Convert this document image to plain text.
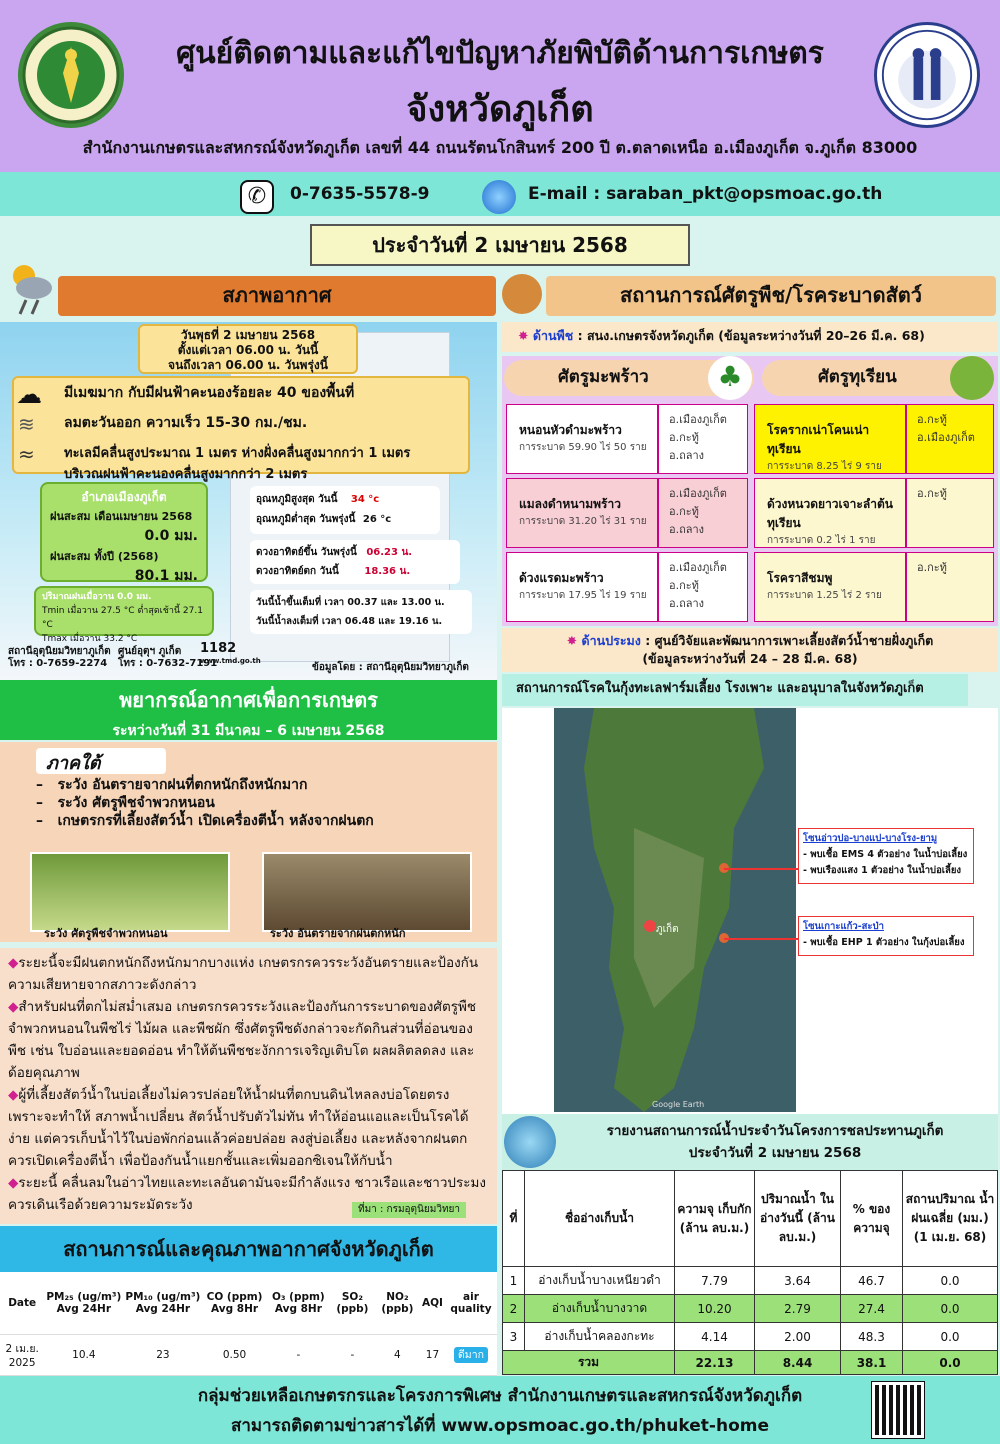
ศูนย์ติดตามและแก้ไขปัญหาภัยพิบัติด้านการเกษตร
จังหวัดภูเก็ต
สำนักงานเกษตรและสหกรณ์จังหวัดภูเก็ต เลขที่ 44 ถนนรัตนโกสินทร์ 200 ปี ต.ตลาดเหนือ อ.เมืองภูเก็ต จ.ภูเก็ต 83000
✆	0-7635-5578-9	E-mail : saraban_pkt@opsmoac.go.th
ประจำวันที่ 2 เมษายน 2568
สภาพอากาศ
วันพุธที่ 2 เมษายน 2568
ตั้งแต่เวลา 06.00 น. วันนี้
จนถึงเวลา 06.00 น. วันพรุ่งนี้
มีเมฆมาก กับมีฝนฟ้าคะนองร้อยละ 40 ของพื้นที่
ลมตะวันออก ความเร็ว 15-30 กม./ชม.
ทะเลมีคลื่นสูงประมาณ 1 เมตร ห่างฝั่งคลื่นสูงมากกว่า 1 เมตร
บริเวณฝนฟ้าคะนองคลื่นสูงมากกว่า 2 เมตร
☁
≋
≈
อำเภอเมืองภูเก็ต
ฝนสะสม เดือนเมษายน 2568
0.0 มม.
ฝนสะสม ทั้งปี (2568)
80.1 มม.
อุณหภูมิสูงสุด วันนี้ 34 °c
อุณหภูมิต่ำสุด วันพรุ่งนี้ 26 °c
ดวงอาทิตย์ขึ้น วันพรุ่งนี้ 06.23 น.
ดวงอาทิตย์ตก วันนี้	18.36 น.
วันนี้น้ำขึ้นเต็มที่ เวลา 00.37 และ 13.00 น.
วันนี้น้ำลงเต็มที่ เวลา 06.48 และ 19.16 น.
ปริมาณฝนเมื่อวาน 0.0 มม.
Tmin เมื่อวาน 27.5 °C ต่ำสุดเช้านี้ 27.1 °C
Tmax เมื่อวาน 33.2 °C
สถานีอุตุนิยมวิทยาภูเก็ต
โทร : 0-7659-2274
ศูนย์อุตุฯ ภูเก็ต
โทร : 0-7632-7191
1182
www.tmd.go.th
ข้อมูลโดย : สถานีอุตุนิยมวิทยาภูเก็ต
พยากรณ์อากาศเพื่อการเกษตร
ระหว่างวันที่ 31 มีนาคม – 6 เมษายน 2568
ภาคใต้
–   ระวัง อันตรายจากฝนที่ตกหนักถึงหนักมาก
–   ระวัง ศัตรูพืชจำพวกหนอน
–   เกษตรกรที่เลี้ยงสัตว์น้ำ เปิดเครื่องตีน้ำ หลังจากฝนตก
ระวัง ศัตรูพืชจำพวกหนอน	ระวัง อันตรายจากฝนตกหนัก
◆ระยะนี้จะมีฝนตกหนักถึงหนักมากบางแห่ง เกษตรกรควรระวังอันตรายและป้องกันความเสียหายจากสภาวะดังกล่าว
◆สำหรับฝนที่ตกไม่สม่ำเสมอ เกษตรกรควรระวังและป้องกันการระบาดของศัตรูพืชจำพวกหนอนในพืชไร่ ไม้ผล และพืชผัก ซึ่งศัตรูพืชดังกล่าวจะกัดกินส่วนที่อ่อนของพืช เช่น ใบอ่อนและยอดอ่อน ทำให้ต้นพืชชะงักการเจริญเติบโต ผลผลิตลดลง และด้อยคุณภาพ
◆ผู้ที่เลี้ยงสัตว์น้ำในบ่อเลี้ยงไม่ควรปล่อยให้น้ำฝนที่ตกบนดินไหลลงบ่อโดยตรง เพราะจะทำให้ สภาพน้ำเปลี่ยน สัตว์น้ำปรับตัวไม่ทัน ทำให้อ่อนแอและเป็นโรคได้ง่าย แต่ควรเก็บน้ำไว้ในบ่อพักก่อนแล้วค่อยปล่อย ลงสู่บ่อเลี้ยง และหลังจากฝนตกควรเปิดเครื่องตีน้ำ เพื่อป้องกันน้ำแยกชั้นและเพิ่มออกซิเจนให้กับน้ำ
◆ระยะนี้ คลื่นลมในอ่าวไทยและทะเลอันดามันจะมีกำลังแรง ชาวเรือและชาวประมงควรเดินเรือด้วยความระมัดระวัง	ที่มา : กรมอุตุนิยมวิทยา
สถานการณ์และคุณภาพอากาศจังหวัดภูเก็ต
Date	PM₂₅ (ug/m³) Avg 24Hr	PM₁₀ (ug/m³) Avg 24Hr	CO (ppm) Avg 8Hr	O₃ (ppm) Avg 8Hr	SO₂ (ppb)	NO₂ (ppb)	AQI	air quality
2 เม.ย. 2025	10.4	23	0.50	-	-	4	17	ดีมาก
สถานการณ์ศัตรูพืช/โรคระบาดสัตว์
✸ ด้านพืช : สนง.เกษตรจังหวัดภูเก็ต (ข้อมูลระหว่างวันที่ 20–26 มี.ค. 68)
ศัตรูมะพร้าว	♣	ศัตรูทุเรียน
หนอนหัวดำมะพร้าว
การระบาด 59.90 ไร่ 50 ราย
อ.เมืองภูเก็ต
อ.กะทู้
อ.ถลาง
แมลงดำหนามพร้าว
การระบาด 31.20 ไร่ 31 ราย
อ.เมืองภูเก็ต
อ.กะทู้
อ.ถลาง
ด้วงแรดมะพร้าว
การระบาด 17.95 ไร่ 19 ราย
อ.เมืองภูเก็ต
อ.กะทู้
อ.ถลาง
โรครากเน่าโคนเน่าทุเรียน
การระบาด 8.25 ไร่ 9 ราย
อ.กะทู้
อ.เมืองภูเก็ต
ด้วงหนวดยาวเจาะลำต้นทุเรียน
การระบาด 0.2 ไร่ 1 ราย
อ.กะทู้
โรคราสีชมพู
การระบาด 1.25 ไร่ 2 ราย
อ.กะทู้
✸ ด้านประมง : ศูนย์วิจัยและพัฒนาการเพาะเลี้ยงสัตว์น้ำชายฝั่งภูเก็ต
(ข้อมูลระหว่างวันที่ 24 – 28 มี.ค. 68)
สถานการณ์โรคในกุ้งทะเลฟาร์มเลี้ยง โรงเพาะ และอนุบาลในจังหวัดภูเก็ต
ภูเก็ต
Google Earth
โซนอ่าวปอ-บางแป-บางโรง-ยามู
- พบเชื้อ EMS 4 ตัวอย่าง ในน้ำบ่อเลี้ยง
- พบเรืองแสง 1 ตัวอย่าง ในน้ำบ่อเลี้ยง
โซนเกาะแก้ว-สะป่า
- พบเชื้อ EHP 1 ตัวอย่าง ในกุ้งบ่อเลี้ยง
รายงานสถานการณ์น้ำประจำวันโครงการชลประทานภูเก็ต
ประจำวันที่ 2 เมษายน 2568
ที่	ชื่ออ่างเก็บน้ำ	ความจุ เก็บกัก (ล้าน ลบ.ม.)	ปริมาณน้ำ ในอ่างวันนี้ (ล้าน ลบ.ม.)	% ของ ความจุ	สถานปริมาณ น้ำฝนเฉลี่ย (มม.) (1 เม.ย. 68)
1	อ่างเก็บน้ำบางเหนียวดำ	7.79	3.64	46.7	0.0
2	อ่างเก็บน้ำบางวาด	10.20	2.79	27.4	0.0
3	อ่างเก็บน้ำคลองกะทะ	4.14	2.00	48.3	0.0
รวม		22.13	8.44	38.1	0.0
กลุ่มช่วยเหลือเกษตรกรและโครงการพิเศษ สำนักงานเกษตรและสหกรณ์จังหวัดภูเก็ต
สามารถติดตามข่าวสารได้ที่ www.opsmoac.go.th/phuket-home
